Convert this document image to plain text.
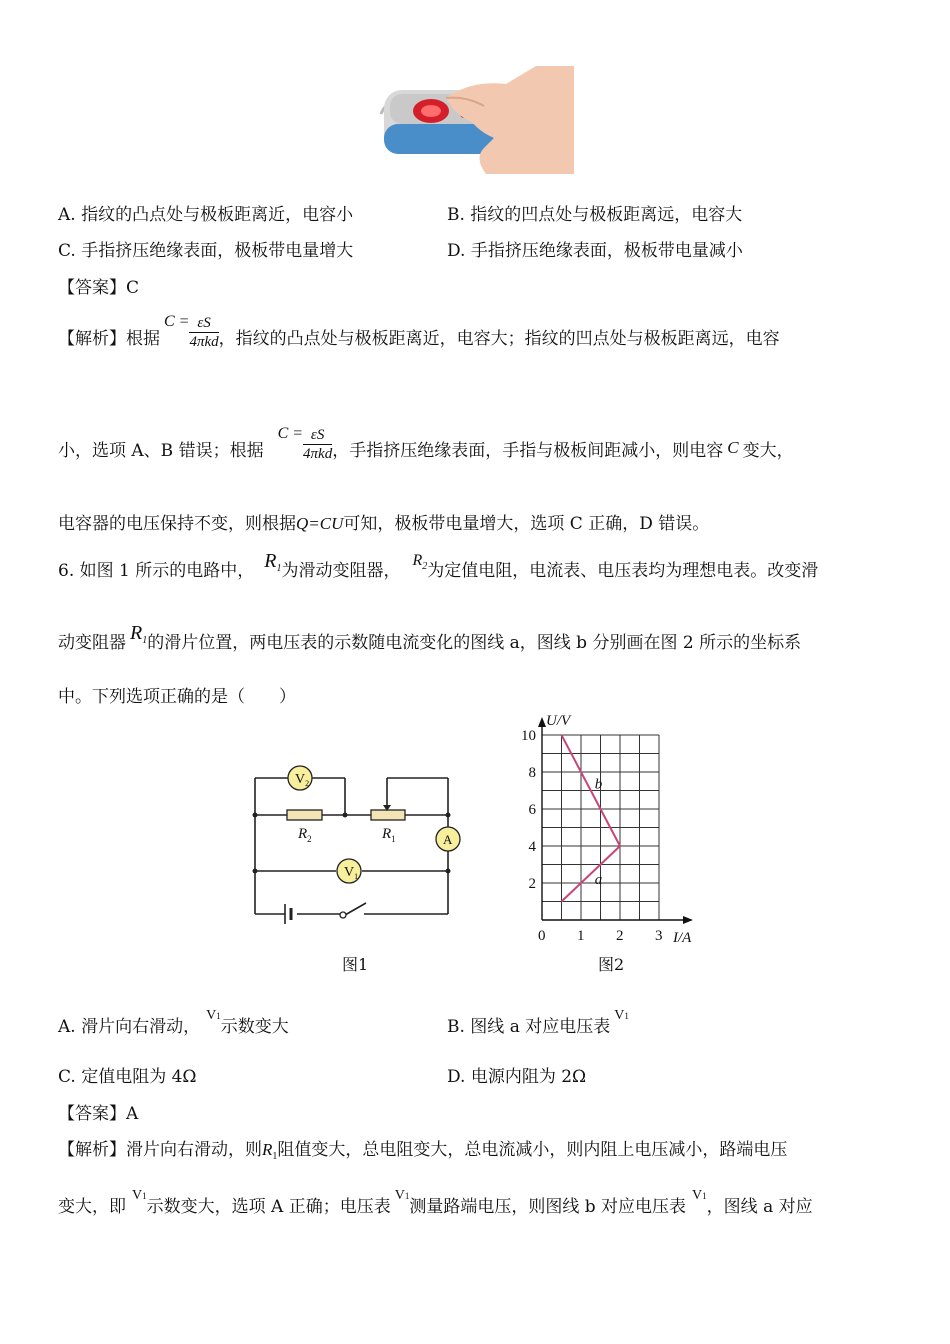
A. 指纹的凸点处与极板距离近，电容小	B. 指纹的凹点处与极板距离远，电容大
C. 手指挤压绝缘表面，极板带电量增大	D. 手指挤压绝缘表面，极板带电量减小
【答案】C
【解析】根据
$C = \frac{\varepsilon S}{\text{4πkd}}$ ，指纹的凸点处与极板距离近，电容大；指纹的凹点处与极板距离远，电容
小，选项 A、B 错误；根据
$C = \frac{\varepsilon S}{\text{4πkd}}$ ，手指挤压绝缘表面，手指与极板间距减小，则电容 C 变大，
电容器的电压保持不变，则根据Q=CU可知，极板带电量增大，选项 C 正确，D 错误。
6. 如图 1 所示的电路中， $R_1$ 为滑动变阻器， $R_2$ 为定值电阻，电流表、电压表均为理想电表。改变滑
动变阻器 $R_1$ 的滑片位置，两电压表的示数随电流变化的图线 a，图线 b 分别画在图 2 所示的坐标系
中。下列选项正确的是（　　）
$V_2$
$V_1$
A
$R_2$	$R_1$
图1
0 1 2 3
2
4
6
8
10
I/A
U/V
b
a
图2
A. 滑片向右滑动，
V1
示数变大	B. 图线 a 对应电压表
V1
C. 定值电阻为 4Ω	D. 电源内阻为 2Ω
【答案】A
【解析】滑片向右滑动，则$R_1$阻值变大，总电阻变大，总电流减小，则内阻上电压减小，路端电压
变大，即
V1
示数变大，选项 A 正确；电压表
V1
测量路端电压，则图线 b 对应电压表
V1
，图线 a 对应
